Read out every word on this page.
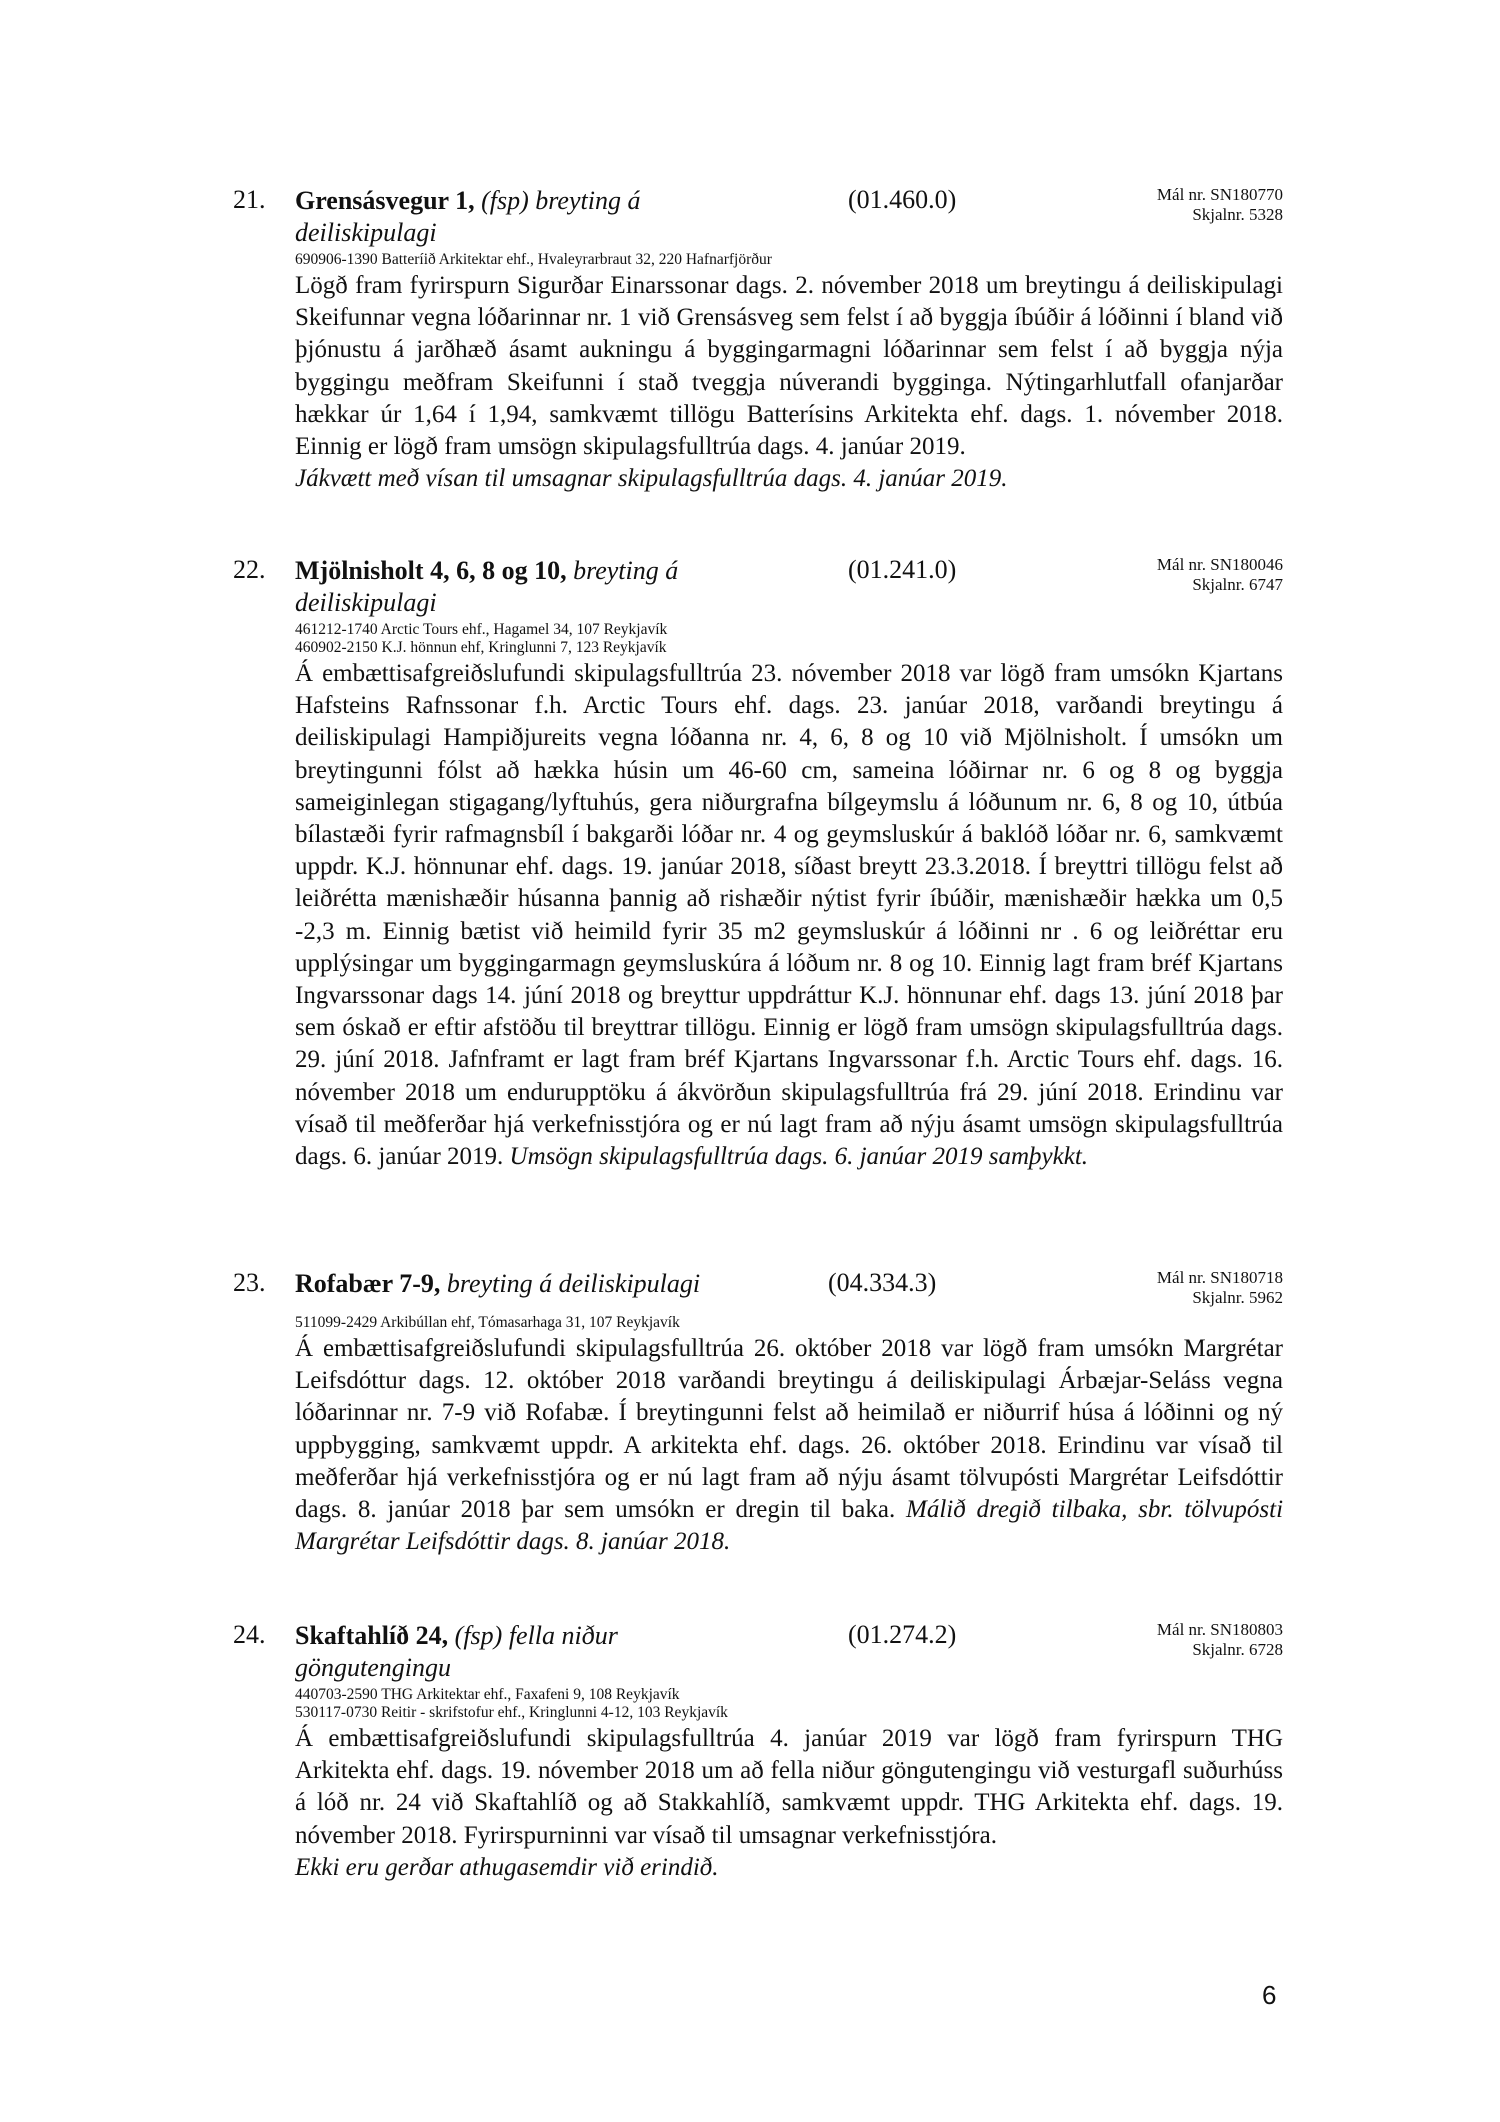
21. Grensásvegur 1, (fsp) breyting á deiliskipulagi
(01.460.0)	Mál nr. SN180770
Skjalnr. 5328
690906-1390 Batteríið Arkitektar ehf., Hvaleyrarbraut 32, 220 Hafnarfjörður

Lögð fram fyrirspurn Sigurðar Einarssonar dags. 2. nóvember 2018 um breytingu á deiliskipulagi Skeifunnar vegna lóðarinnar nr. 1 við Grensásveg sem felst í að byggja íbúðir á lóðinni í bland við þjónustu á jarðhæð ásamt aukningu á byggingarmagni lóðarinnar sem felst í að byggja nýja byggingu meðfram Skeifunni í stað tveggja núverandi bygginga. Nýtingarhlutfall ofanjarðar hækkar úr 1,64 í 1,94, samkvæmt tillögu Batterísins Arkitekta ehf. dags. 1. nóvember 2018. Einnig er lögð fram umsögn skipulagsfulltrúa dags. 4. janúar 2019.

Jákvætt með vísan til umsagnar skipulagsfulltrúa dags. 4. janúar 2019.

22. Mjölnisholt 4, 6, 8 og 10, breyting á deiliskipulagi
(01.241.0)	Mál nr. SN180046
Skjalnr. 6747
461212-1740 Arctic Tours ehf., Hagamel 34, 107 Reykjavík
460902-2150 K.J. hönnun ehf, Kringlunni 7, 123 Reykjavík

Á embættisafgreiðslufundi skipulagsfulltrúa 23. nóvember 2018 var lögð fram umsókn Kjartans Hafsteins Rafnssonar f.h. Arctic Tours ehf. dags. 23. janúar 2018, varðandi breytingu á deiliskipulagi Hampiðjureits vegna lóðanna nr. 4, 6, 8 og 10 við Mjölnisholt. Í umsókn um breytingunni fólst að hækka húsin um 46-60 cm, sameina lóðirnar nr. 6 og 8 og byggja sameiginlegan stigagang/lyftuhús, gera niðurgrafna bílgeymslu á lóðunum nr. 6, 8 og 10, útbúa bílastæði fyrir rafmagnsbíl í bakgarði lóðar nr. 4 og geymsluskúr á baklóð lóðar nr. 6, samkvæmt uppdr. K.J. hönnunar ehf. dags. 19. janúar 2018, síðast breytt 23.3.2018. Í breyttri tillögu felst að leiðrétta mænishæðir húsanna þannig að rishæðir nýtist fyrir íbúðir, mænishæðir hækka um 0,5 -2,3 m. Einnig bætist við heimild fyrir 35 m2 geymsluskúr á lóðinni nr . 6 og leiðréttar eru upplýsingar um byggingarmagn geymsluskúra á lóðum nr. 8 og 10. Einnig lagt fram bréf Kjartans Ingvarssonar dags 14. júní 2018 og breyttur uppdráttur K.J. hönnunar ehf. dags 13. júní 2018 þar sem óskað er eftir afstöðu til breyttrar tillögu. Einnig er lögð fram umsögn skipulagsfulltrúa dags. 29. júní 2018. Jafnframt er lagt fram bréf Kjartans Ingvarssonar f.h. Arctic Tours ehf. dags. 16. nóvember 2018 um endurupptöku á ákvörðun skipulagsfulltrúa frá 29. júní 2018. Erindinu var vísað til meðferðar hjá verkefnisstjóra og er nú lagt fram að nýju ásamt umsögn skipulagsfulltrúa dags. 6. janúar 2019. Umsögn skipulagsfulltrúa dags. 6. janúar 2019 samþykkt.

23. Rofabær 7-9, breyting á deiliskipulagi	(04.334.3)	Mál nr. SN180718
Skjalnr. 5962
511099-2429 Arkibúllan ehf, Tómasarhaga 31, 107 Reykjavík

Á embættisafgreiðslufundi skipulagsfulltrúa 26. október 2018 var lögð fram umsókn Margrétar Leifsdóttur dags. 12. október 2018 varðandi breytingu á deiliskipulagi Árbæjar-Seláss vegna lóðarinnar nr. 7-9 við Rofabæ. Í breytingunni felst að heimilað er niðurrif húsa á lóðinni og ný uppbygging, samkvæmt uppdr. A arkitekta ehf. dags. 26. október 2018. Erindinu var vísað til meðferðar hjá verkefnisstjóra og er nú lagt fram að nýju ásamt tölvupósti Margrétar Leifsdóttir dags. 8. janúar 2018 þar sem umsókn er dregin til baka. Málið dregið tilbaka, sbr. tölvupósti Margrétar Leifsdóttir dags. 8. janúar 2018.

24. Skaftahlíð 24, (fsp) fella niður göngutengingu
(01.274.2)	Mál nr. SN180803
Skjalnr. 6728
440703-2590 THG Arkitektar ehf., Faxafeni 9, 108 Reykjavík
530117-0730 Reitir - skrifstofur ehf., Kringlunni 4-12, 103 Reykjavík

Á embættisafgreiðslufundi skipulagsfulltrúa 4. janúar 2019 var lögð fram fyrirspurn THG Arkitekta ehf. dags. 19. nóvember 2018 um að fella niður göngutengingu við vesturgafl suðurhúss á lóð nr. 24 við Skaftahlíð og að Stakkahlíð, samkvæmt uppdr. THG Arkitekta ehf. dags. 19. nóvember 2018. Fyrirspurninni var vísað til umsagnar verkefnisstjóra.

Ekki eru gerðar athugasemdir við erindið.

6
